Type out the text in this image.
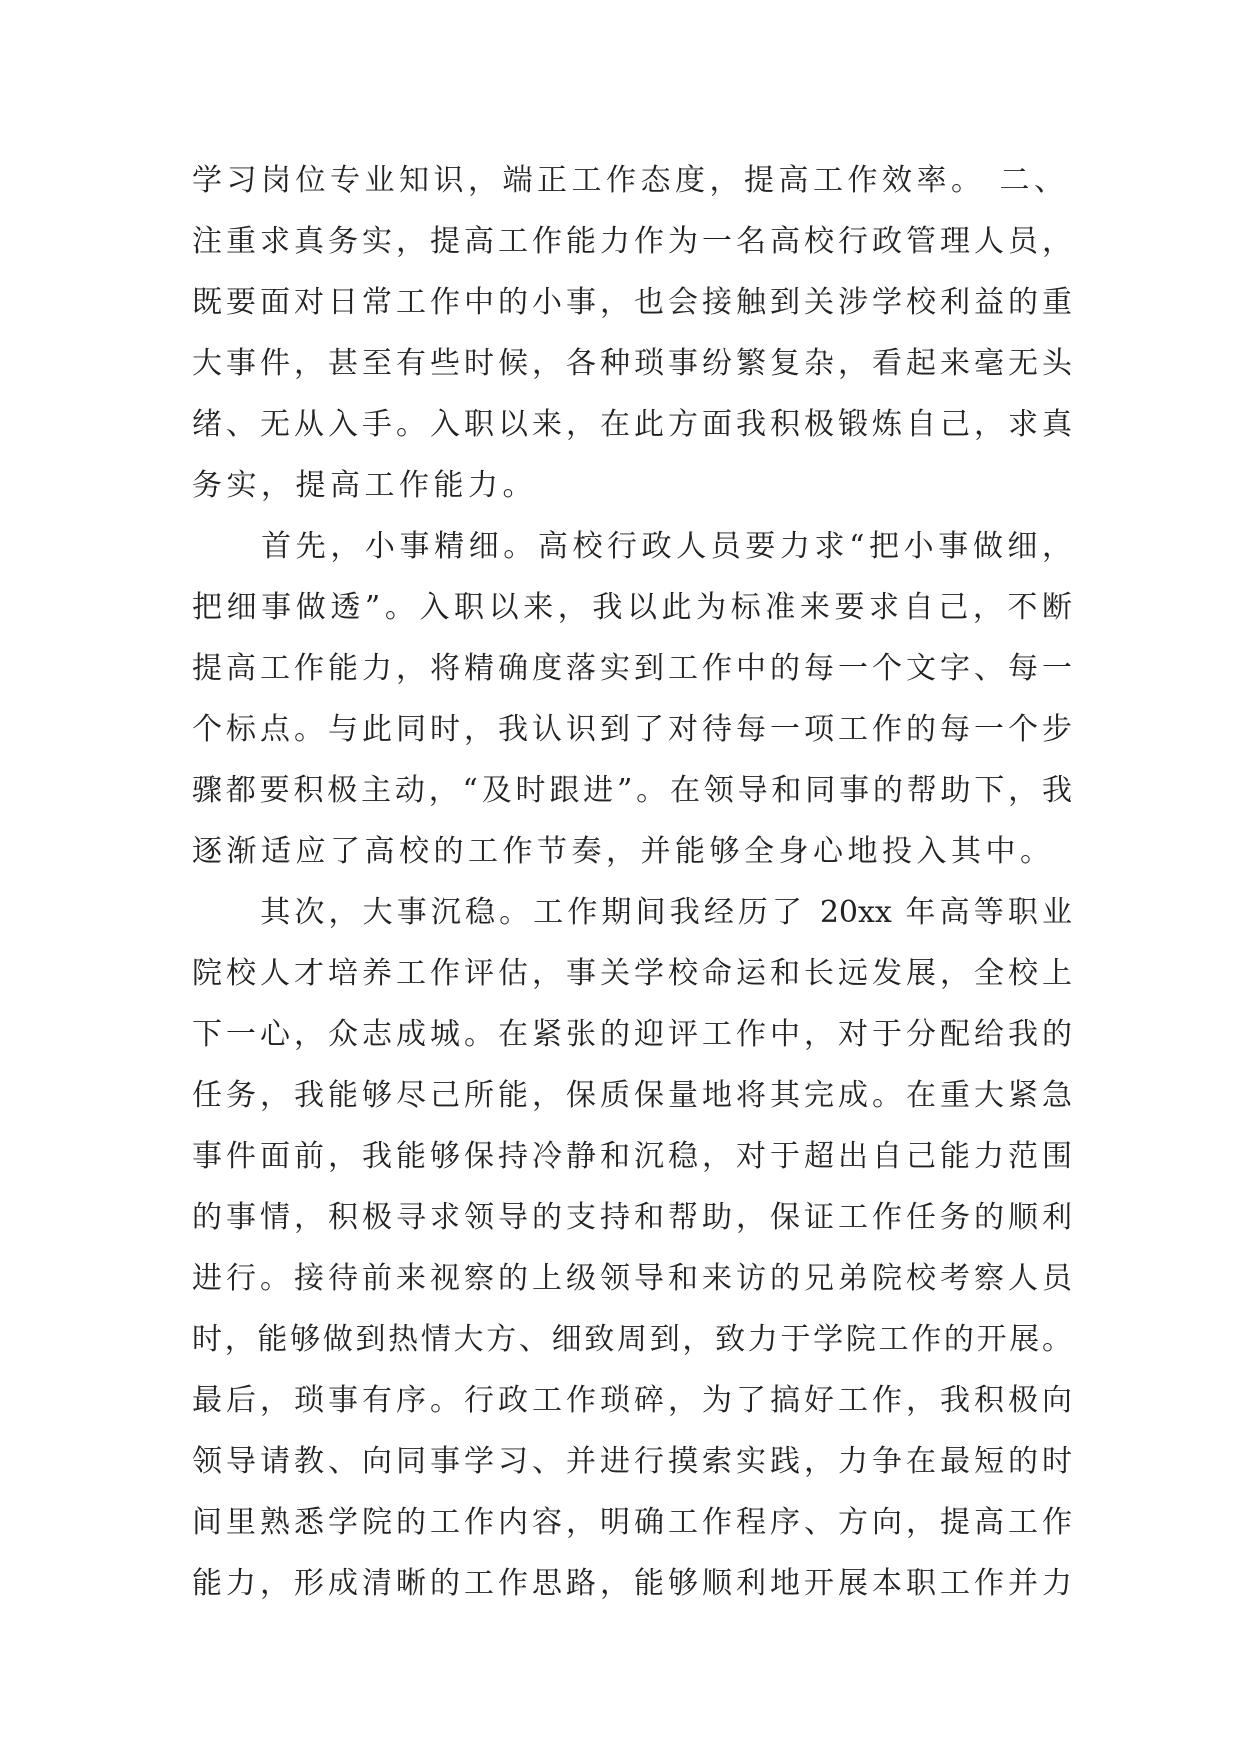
学习岗位专业知识，端正工作态度，提高工作效率。 二、
注重求真务实，提高工作能力作为一名高校行政管理人员，
既要面对日常工作中的小事，也会接触到关涉学校利益的重
大事件，甚至有些时候，各种琐事纷繁复杂，看起来毫无头
绪、无从入手。入职以来，在此方面我积极锻炼自己，求真
务实，提高工作能力。
　　首先，小事精细。高校行政人员要力求“把小事做细，
把细事做透”。入职以来，我以此为标准来要求自己，不断
提高工作能力，将精确度落实到工作中的每一个文字、每一
个标点。与此同时，我认识到了对待每一项工作的每一个步
骤都要积极主动，“及时跟进”。在领导和同事的帮助下，我
逐渐适应了高校的工作节奏，并能够全身心地投入其中。
　　其次，大事沉稳。工作期间我经历了 20xx 年高等职业
院校人才培养工作评估，事关学校命运和长远发展，全校上
下一心，众志成城。在紧张的迎评工作中，对于分配给我的
任务，我能够尽己所能，保质保量地将其完成。在重大紧急
事件面前，我能够保持冷静和沉稳，对于超出自己能力范围
的事情，积极寻求领导的支持和帮助，保证工作任务的顺利
进行。接待前来视察的上级领导和来访的兄弟院校考察人员
时，能够做到热情大方、细致周到，致力于学院工作的开展。
最后，琐事有序。行政工作琐碎，为了搞好工作，我积极向
领导请教、向同事学习、并进行摸索实践，力争在最短的时
间里熟悉学院的工作内容，明确工作程序、方向，提高工作
能力，形成清晰的工作思路，能够顺利地开展本职工作并力
